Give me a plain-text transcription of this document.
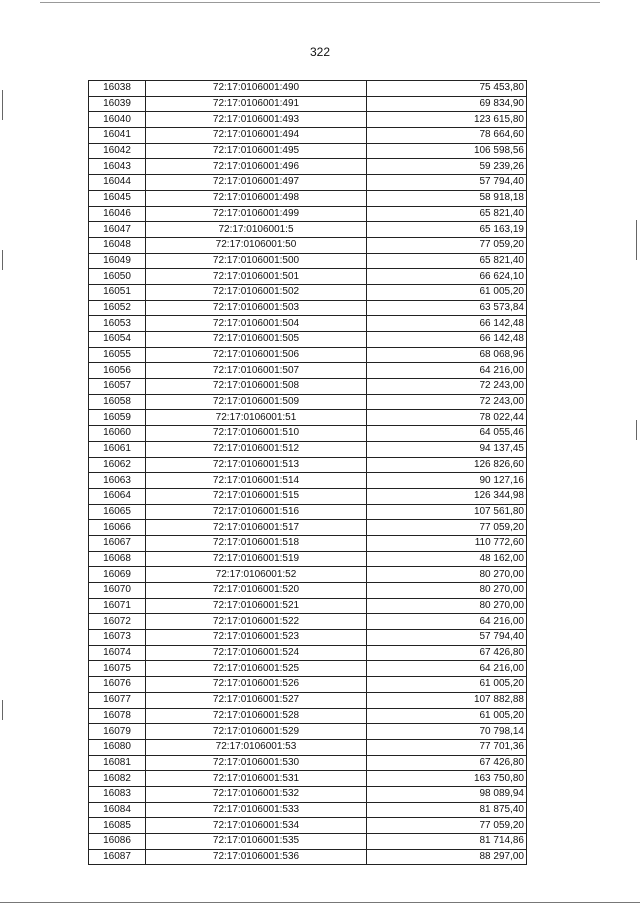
322
16038	72:17:0106001:490	75 453,80
16039	72:17:0106001:491	69 834,90
16040	72:17:0106001:493	123 615,80
16041	72:17:0106001:494	78 664,60
16042	72:17:0106001:495	106 598,56
16043	72:17:0106001:496	59 239,26
16044	72:17:0106001:497	57 794,40
16045	72:17:0106001:498	58 918,18
16046	72:17:0106001:499	65 821,40
16047	72:17:0106001:5	65 163,19
16048	72:17:0106001:50	77 059,20
16049	72:17:0106001:500	65 821,40
16050	72:17:0106001:501	66 624,10
16051	72:17:0106001:502	61 005,20
16052	72:17:0106001:503	63 573,84
16053	72:17:0106001:504	66 142,48
16054	72:17:0106001:505	66 142,48
16055	72:17:0106001:506	68 068,96
16056	72:17:0106001:507	64 216,00
16057	72:17:0106001:508	72 243,00
16058	72:17:0106001:509	72 243,00
16059	72:17:0106001:51	78 022,44
16060	72:17:0106001:510	64 055,46
16061	72:17:0106001:512	94 137,45
16062	72:17:0106001:513	126 826,60
16063	72:17:0106001:514	90 127,16
16064	72:17:0106001:515	126 344,98
16065	72:17:0106001:516	107 561,80
16066	72:17:0106001:517	77 059,20
16067	72:17:0106001:518	110 772,60
16068	72:17:0106001:519	48 162,00
16069	72:17:0106001:52	80 270,00
16070	72:17:0106001:520	80 270,00
16071	72:17:0106001:521	80 270,00
16072	72:17:0106001:522	64 216,00
16073	72:17:0106001:523	57 794,40
16074	72:17:0106001:524	67 426,80
16075	72:17:0106001:525	64 216,00
16076	72:17:0106001:526	61 005,20
16077	72:17:0106001:527	107 882,88
16078	72:17:0106001:528	61 005,20
16079	72:17:0106001:529	70 798,14
16080	72:17:0106001:53	77 701,36
16081	72:17:0106001:530	67 426,80
16082	72:17:0106001:531	163 750,80
16083	72:17:0106001:532	98 089,94
16084	72:17:0106001:533	81 875,40
16085	72:17:0106001:534	77 059,20
16086	72:17:0106001:535	81 714,86
16087	72:17:0106001:536	88 297,00
